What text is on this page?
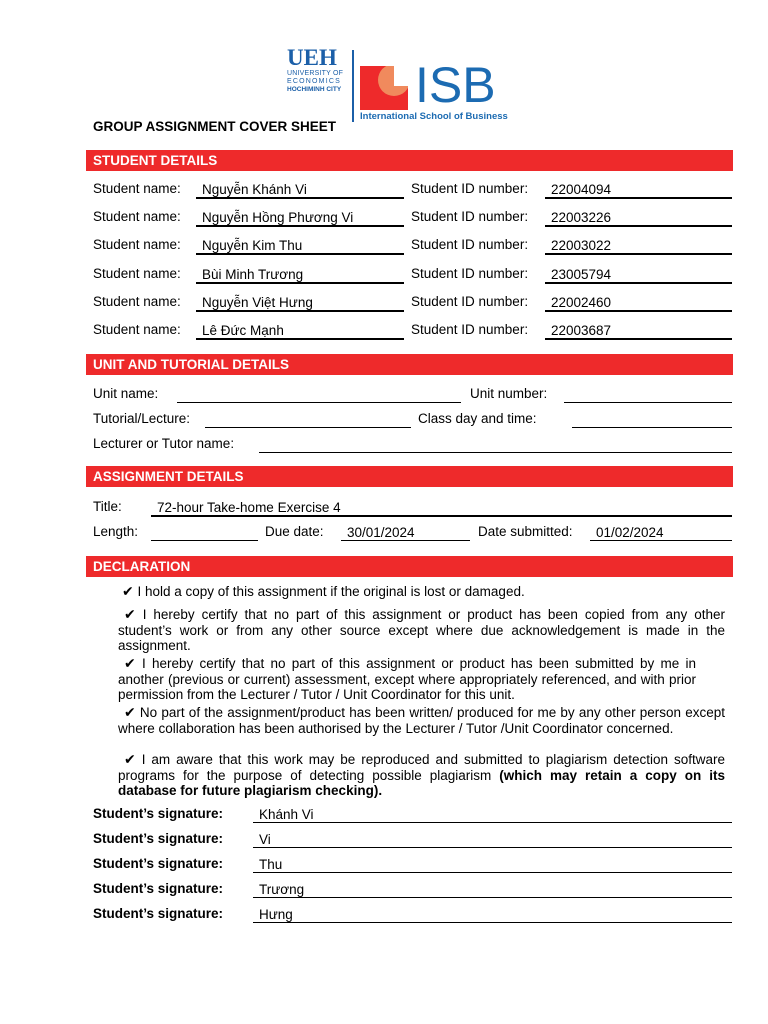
UEH
UNIVERSITY OF
ECONOMICS
HOCHIMINH CITY ISB
International School of Business
GROUP ASSIGNMENT COVER SHEET
STUDENT DETAILS
Student name:	Nguyễn Khánh Vi	Student ID number:	22004094
Student name:	Nguyễn Hồng Phương Vi	Student ID number:	22003226
Student name:	Nguyễn Kim Thu	Student ID number:	22003022
Student name:	Bùi Minh Trương	Student ID number:	23005794
Student name:	Nguyễn Việt Hưng	Student ID number:	22002460
Student name:	Lê Đức Mạnh	Student ID number:	22003687
UNIT AND TUTORIAL DETAILS
Unit name:	Unit number:
Tutorial/Lecture:	Class day and time:
Lecturer or Tutor name:
ASSIGNMENT DETAILS
Title:	72-hour Take-home Exercise 4
Length:	Due date:	30/01/2024	Date submitted:	01/02/2024
DECLARATION
✔ I hold a copy of this assignment if the original is lost or damaged.
✔ I hereby certify that no part of this assignment or product has been copied from any other student’s work or from any other source except where due acknowledgement is made in the assignment.
✔ I hereby certify that no part of this assignment or product has been submitted by me in another (previous or current) assessment, except where appropriately referenced, and with prior permission from the Lecturer / Tutor / Unit Coordinator for this unit.
✔ No part of the assignment/product has been written/ produced for me by any other person except where collaboration has been authorised by the Lecturer / Tutor /Unit Coordinator concerned.
✔ I am aware that this work may be reproduced and submitted to plagiarism detection software programs for the purpose of detecting possible plagiarism (which may retain a copy on its database for future plagiarism checking).
Student’s signature:	Khánh Vi
Student’s signature:	Vi
Student’s signature:	Thu
Student’s signature:	Trương
Student’s signature:	Hưng
